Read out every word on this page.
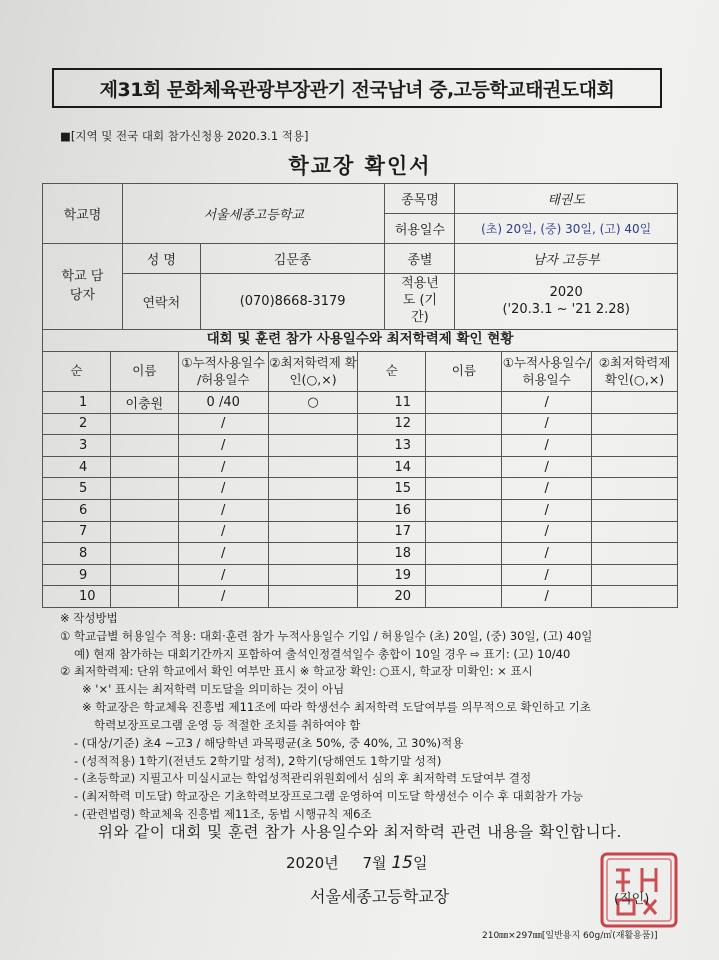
제31회 문화체육관광부장관기 전국남녀 중,고등학교태권도대회
■[지역 및 전국 대회 참가신청용 2020.3.1 적용]
학교장 확인서
학교명	서울세종고등학교		종목명	태권도
			허용일수	(초) 20일, (중) 30일, (고) 40일
학교 담당자	성 명	김문종	종별	남자 고등부
	연락처	(070)8668-3179	적용년도 (기간)	2020
('20.3.1 ~ '21 2.28)
대회 및 훈련 참가 사용일수와 최저학력제 확인 현황
순	이름	①누적사용일수 /허용일수	②최저학력제 확인(○,×)	순	이름	①누적사용일수/ 허용일수	②최저학력제 확인(○,×)
1	이충원	0 /40	○	11		/	
2		/		12		/	
3		/		13		/	
4		/		14		/	
5		/		15		/	
6		/		16		/	
7		/		17		/	
8		/		18		/	
9		/		19		/	
10		/		20		/	
※ 작성방법
① 학교급별 허용일수 적용: 대회·훈련 참가 누적사용일수 기입 / 허용일수 (초) 20일, (중) 30일, (고) 40일
예) 현재 참가하는 대회기간까지 포함하여 출석인정결석일수 총합이 10일 경우 ⇨ 표기: (고) 10/40
② 최저학력제: 단위 학교에서 확인 여부만 표시 ※ 학교장 확인: ○표시, 학교장 미확인: × 표시
※ '×' 표시는 최저학력 미도달을 의미하는 것이 아님
※ 학교장은 학교체육 진흥법 제11조에 따라 학생선수 최저학력 도달여부를 의무적으로 확인하고 기초
학력보장프로그램 운영 등 적절한 조치를 취하여야 함
- (대상/기준) 초4 ~고3 / 해당학년 과목평균(초 50%, 중 40%, 고 30%)적용
- (성적적용) 1학기(전년도 2학기말 성적), 2학기(당해연도 1학기말 성적)
- (초등학교) 지필고사 미실시교는 학업성적관리위원회에서 심의 후 최저학력 도달여부 결정
- (최저학력 미도달) 학교장은 기초학력보장프로그램 운영하여 미도달 학생선수 이수 후 대회참가 가능
- (관련법령) 학교체육 진흥법 제11조, 동법 시행규칙 제6조
위와 같이 대회 및 훈련 참가 사용일수와 최저학력 관련 내용을 확인합니다.
2020년 7월 15일
서울세종고등학교장	(직인)
210㎜×297㎜[일반용지 60g/㎡(재활용품)]
